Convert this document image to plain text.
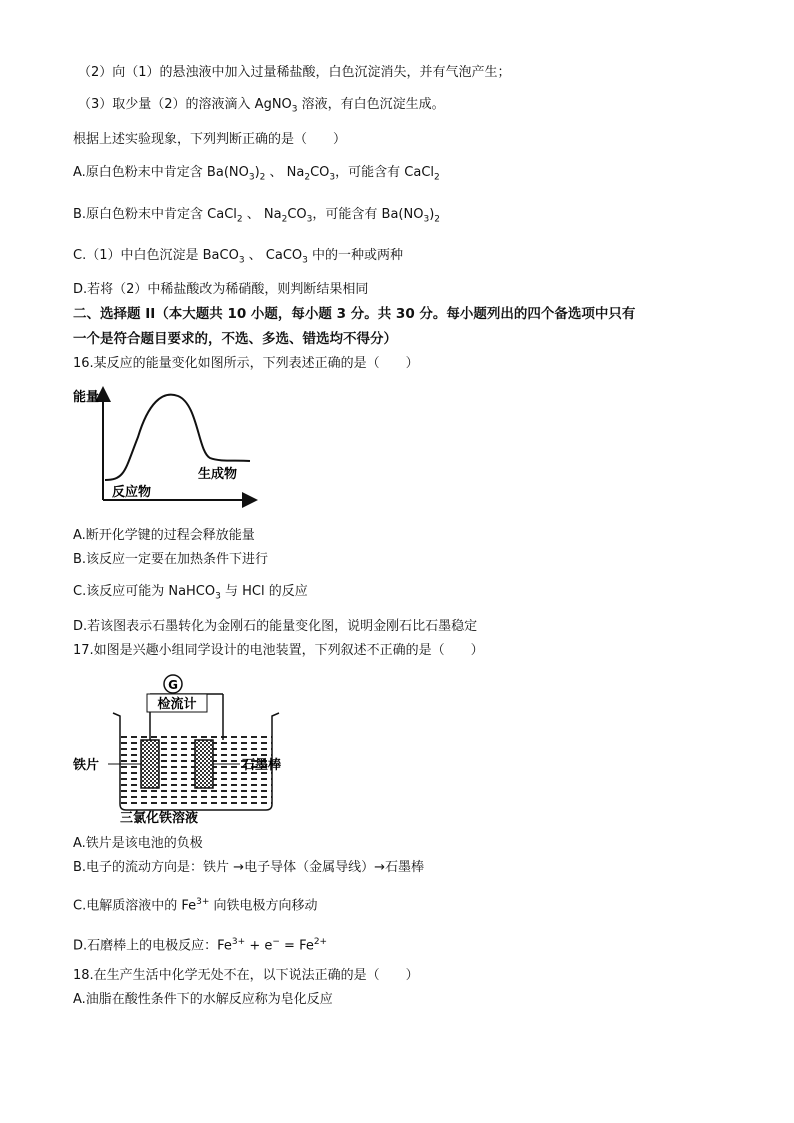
（2）向（1）的悬浊液中加入过量稀盐酸，白色沉淀消失，并有气泡产生；
（3）取少量（2）的溶液滴入 AgNO$_3$ 溶液，有白色沉淀生成。
根据上述实验现象，下列判断正确的是（　　）
A.原白色粉末中肯定含 $Ba(NO_3)_2$ 、 $Na_2CO_3$，可能含有 CaCl$_2$
B.原白色粉末中肯定含 CaCl$_2$ 、 $Na_2CO_3$，可能含有 $Ba(NO_3)_2$
C.（1）中白色沉淀是 BaCO$_3$ 、 CaCO$_3$ 中的一种或两种
D.若将（2）中稀盐酸改为稀硝酸，则判断结果相同
二、选择题 II（本大题共 10 小题，每小题 3 分。共 30 分。每小题列出的四个备选项中只有
一个是符合题目要求的，不选、多选、错选均不得分）
16.某反应的能量变化如图所示，下列表述正确的是（　　）
能量
生成物
反应物
A.断开化学键的过程会释放能量
B.该反应一定要在加热条件下进行
C.该反应可能为 NaHCO$_3$ 与 HCl 的反应
D.若该图表示石墨转化为金刚石的能量变化图，说明金刚石比石墨稳定
17.如图是兴趣小组同学设计的电池装置，下列叙述不正确的是（　　）
G
检流计
铁片	石墨棒
三氯化铁溶液
A.铁片是该电池的负极
B.电子的流动方向是：铁片 →电子导体（金属导线）→石墨棒
C.电解质溶液中的 $Fe^{3+}$ 向铁电极方向移动
D.石磨棒上的电极反应：$Fe^{3+} + e^- = Fe^{2+}$
18.在生产生活中化学无处不在，以下说法正确的是（　　）
A.油脂在酸性条件下的水解反应称为皂化反应
